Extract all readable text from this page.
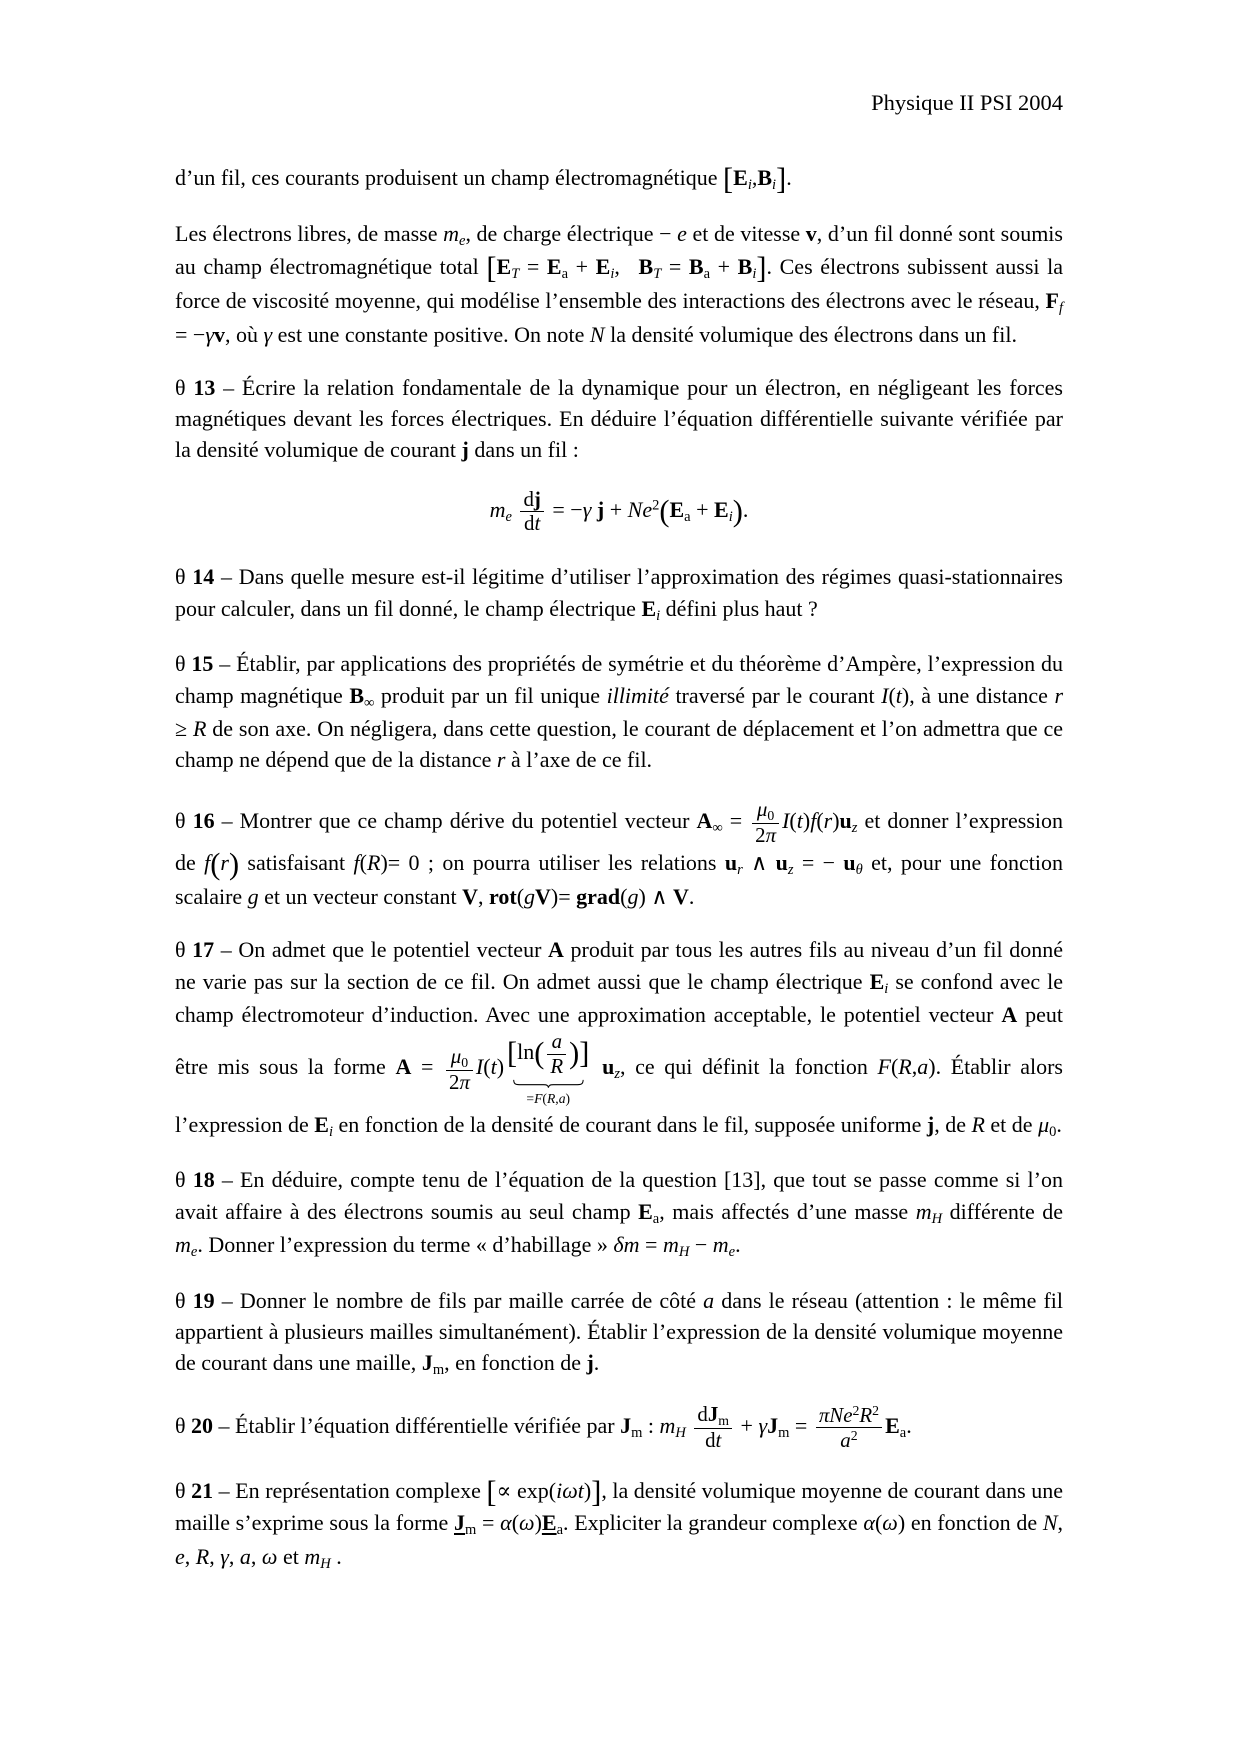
Physique II PSI 2004

d’un fil, ces courants produisent un champ électromagnétique $[E_i,B_i]$.

Les électrons libres, de masse $m_e$, de charge électrique − e et de vitesse v, d’un fil donné sont soumis au champ électromagnétique total [$E_T = E_a + E_i$,  $B_T = B_a + B_i$]. Ces électrons subissent aussi la force de viscosité moyenne, qui modélise l’ensemble des interactions des électrons avec le réseau, $F_f = -\gamma v$, où γ est une constante positive. On note N la densité volumique des électrons dans un fil.

θ 13 – Écrire la relation fondamentale de la dynamique pour un électron, en négligeant les forces magnétiques devant les forces électriques. En déduire l’équation différentielle suivante vérifiée par la densité volumique de courant j dans un fil :

$m_e \frac{dj}{dt} = -\gamma$ $j + Ne^2(E_a + E_i)$.

θ 14 – Dans quelle mesure est-il légitime d’utiliser l’approximation des régimes quasi-stationnaires pour calculer, dans un fil donné, le champ électrique $E_i$ défini plus haut ?

θ 15 – Établir, par applications des propriétés de symétrie et du théorème d’Ampère, l’expression du champ magnétique $B_\infty$ produit par un fil unique illimité traversé par le courant I(t), à une distance r ≥ R de son axe. On négligera, dans cette question, le courant de déplacement et l’on admettra que ce champ ne dépend que de la distance r à l’axe de ce fil.

θ 16 – Montrer que ce champ dérive du potentiel vecteur $A_\infty = \frac{\mu_0}{2\pi} I(t)f(r)u_z$ et donner l’expression de f(r) satisfaisant f(R)= 0 ; on pourra utiliser les relations $u_r$ ∧ $u_z$ = − $u_\theta$ et, pour une fonction scalaire g et un vecteur constant V, rot(gV)= grad(g) ∧ V.

θ 17 – On admet que le potentiel vecteur A produit par tous les autres fils au niveau d’un fil donné ne varie pas sur la section de ce fil. On admet aussi que le champ électrique $E_i$ se confond avec le champ électromoteur d’induction. Avec une approximation acceptable, le potentiel vecteur A peut être mis sous la forme $A = \frac{\mu_0}{2\pi} I(t)$ [$\ln( \frac{a}{R}$ )]
=F(R,a)
$u_z$, ce qui définit la fonction F(R,a). Établir alors l’expression de $E_i$ en fonction de la densité de courant dans le fil, supposée uniforme j, de R et de $\mu_0$.

θ 18 – En déduire, compte tenu de l’équation de la question [13], que tout se passe comme si l’on avait affaire à des électrons soumis au seul champ $E_a$, mais affectés d’une masse $m_H$ différente de $m_e$. Donner l’expression du terme « d’habillage » $\delta m = m_H - m_e$.

θ 19 – Donner le nombre de fils par maille carrée de côté a dans le réseau (attention : le même fil appartient à plusieurs mailles simultanément). Établir l’expression de la densité volumique moyenne de courant dans une maille, $J_m$, en fonction de j.

θ 20 – Établir l’équation différentielle vérifiée par $J_m$ : $m_H \frac{dJ_m}{dt} + \gamma J_m = \frac{\pi Ne^2R^2}{a^2} E_a$.

θ 21 – En représentation complexe [∝ exp(iωt)], la densité volumique moyenne de courant dans une maille s’exprime sous la forme $J_m = \alpha(\omega)E_a$. Expliciter la grandeur complexe α(ω) en fonction de N, e, R, γ, a, ω et $m_H$ .
